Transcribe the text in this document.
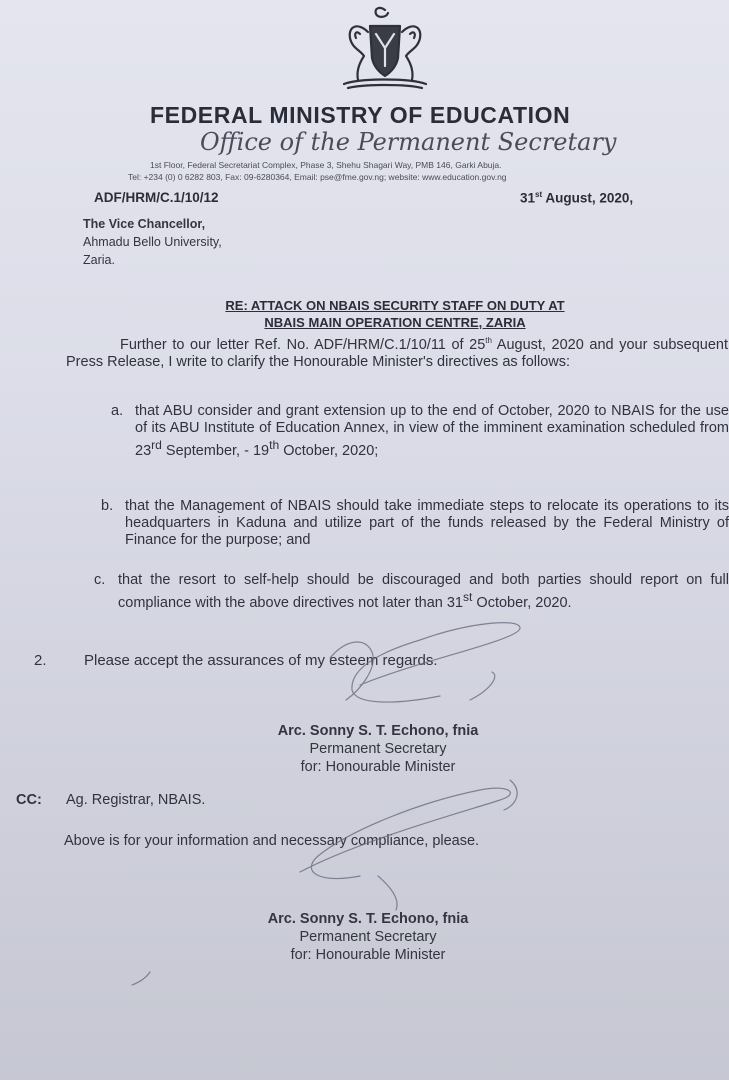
FEDERAL MINISTRY OF EDUCATION
Office of the Permanent Secretary
1st Floor, Federal Secretariat Complex, Phase 3, Shehu Shagari Way, PMB 146, Garki Abuja.
Tel: +234 (0) 0 6282 803, Fax: 09-6280364, Email: pse@fme.gov.ng; website: www.education.gov.ng
ADF/HRM/C.1/10/12	31st August, 2020,
The Vice Chancellor,
Ahmadu Bello University,
Zaria.
RE: ATTACK ON NBAIS SECURITY STAFF ON DUTY AT
NBAIS MAIN OPERATION CENTRE, ZARIA
Further to our letter Ref. No. ADF/HRM/C.1/10/11 of 25th August, 2020 and your subsequent Press Release, I write to clarify the Honourable Minister's directives as follows:
a. that ABU consider and grant extension up to the end of October, 2020 to NBAIS for the use of its ABU Institute of Education Annex, in view of the imminent examination scheduled from 23rd September, - 19th October, 2020;
b. that the Management of NBAIS should take immediate steps to relocate its operations to its headquarters in Kaduna and utilize part of the funds released by the Federal Ministry of Finance for the purpose; and
c. that the resort to self-help should be discouraged and both parties should report on full compliance with the above directives not later than 31st October, 2020.
2. Please accept the assurances of my esteem regards.
Arc. Sonny S. T. Echono, fnia
Permanent Secretary
for: Honourable Minister
CC: Ag. Registrar, NBAIS.
Above is for your information and necessary compliance, please.
Arc. Sonny S. T. Echono, fnia
Permanent Secretary
for: Honourable Minister
